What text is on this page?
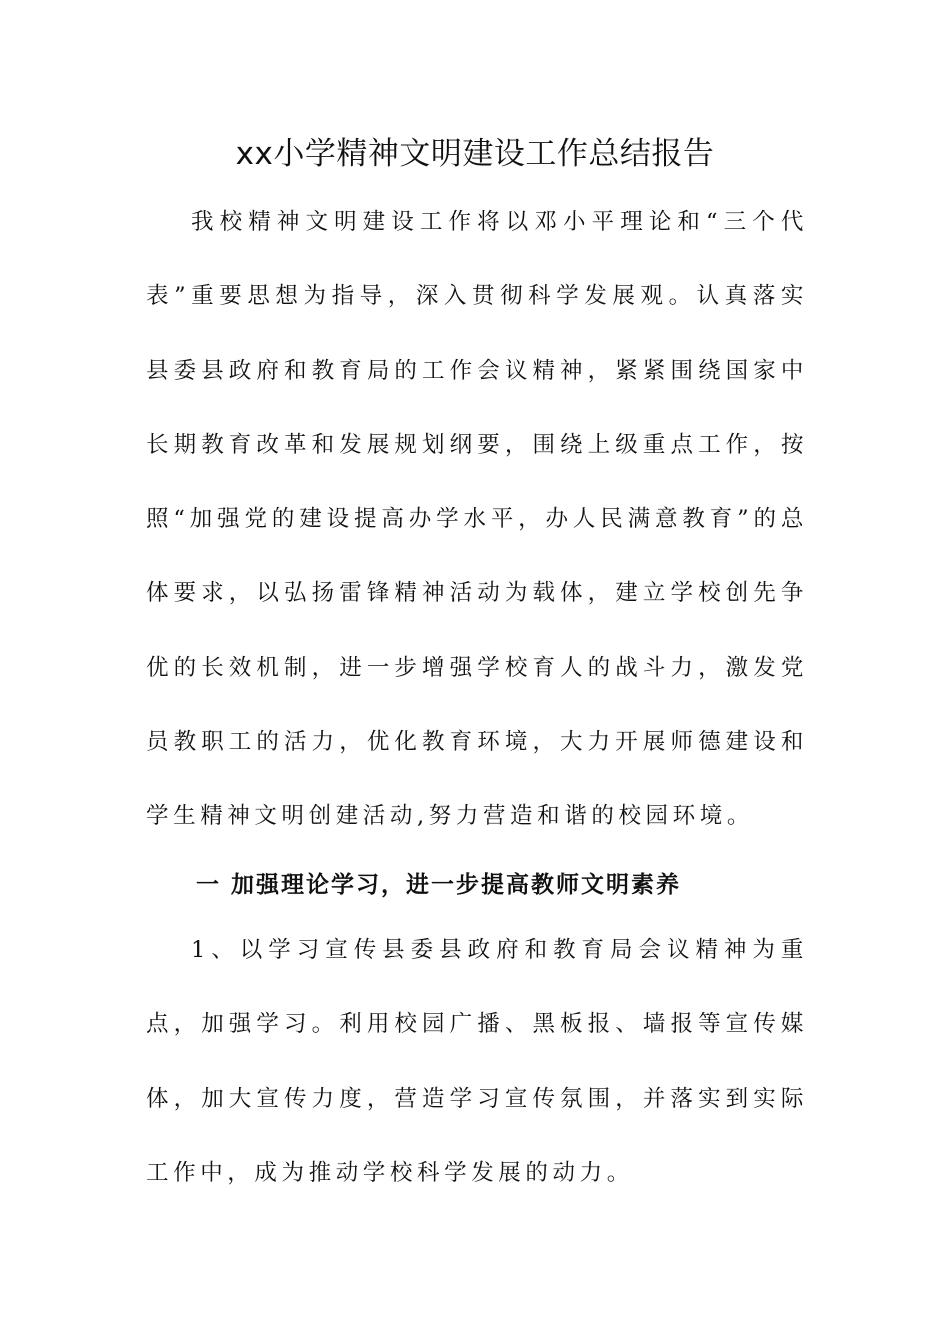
xx小学精神文明建设工作总结报告

我校精神文明建设工作将以邓小平理论和“三个代表”重要思想为指导，深入贯彻科学发展观。认真落实县委县政府和教育局的工作会议精神，紧紧围绕国家中长期教育改革和发展规划纲要，围绕上级重点工作，按照“加强党的建设提高办学水平，办人民满意教育”的总体要求，以弘扬雷锋精神活动为载体，建立学校创先争优的长效机制，进一步增强学校育人的战斗力，激发党员教职工的活力，优化教育环境，大力开展师德建设和学生精神文明创建活动,努力营造和谐的校园环境。

一 加强理论学习，进一步提高教师文明素养

1、以学习宣传县委县政府和教育局会议精神为重点，加强学习。利用校园广播、黑板报、墙报等宣传媒体，加大宣传力度，营造学习宣传氛围，并落实到实际工作中，成为推动学校科学发展的动力。
